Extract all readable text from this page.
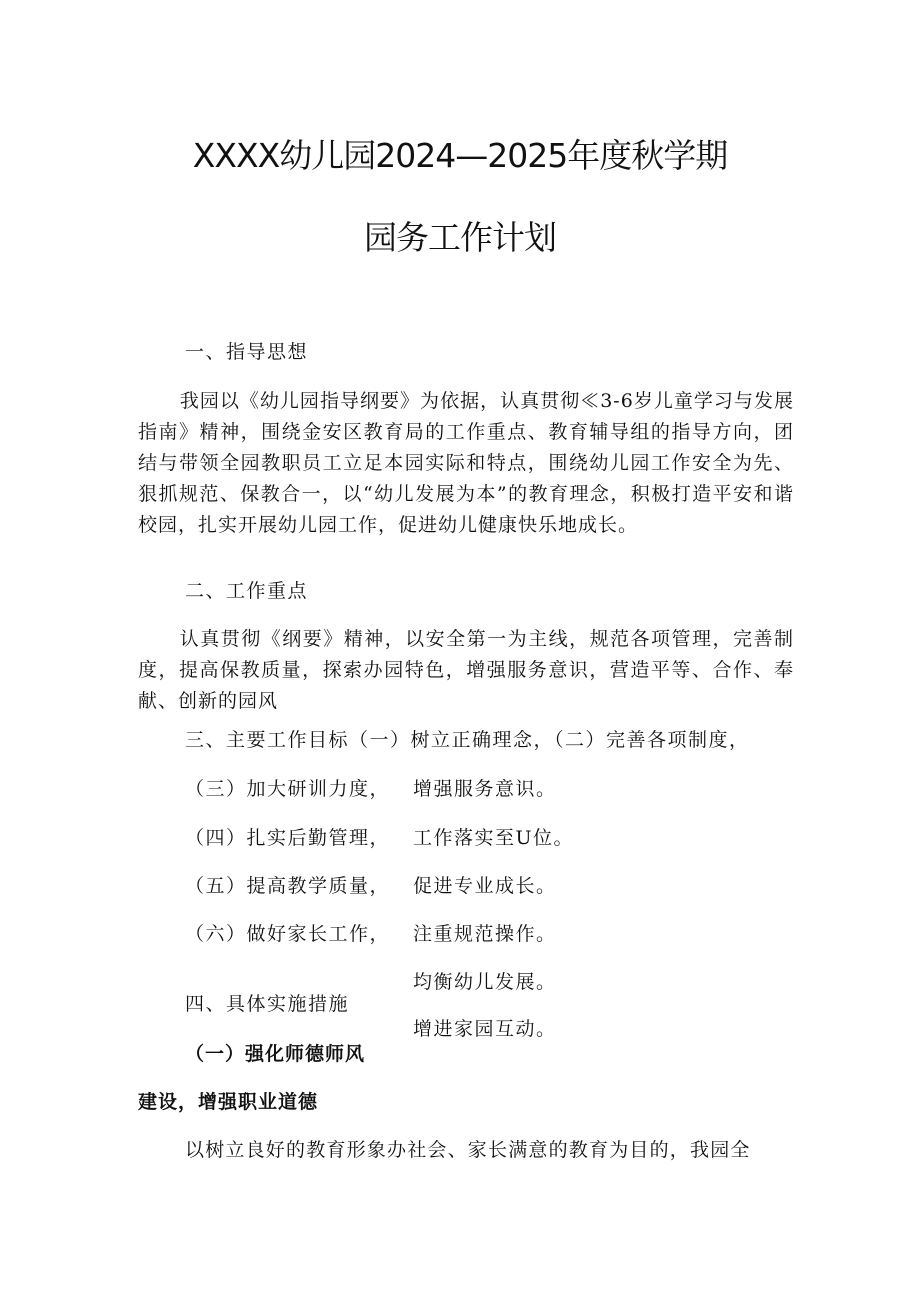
XXXX幼儿园2024—2025年度秋学期
园务工作计划
一、指导思想
我园以《幼儿园指导纲要》为依据，认真贯彻≪3-6岁儿童学习与发展指南》精神，围绕金安区教育局的工作重点、教育辅导组的指导方向，团结与带领全园教职员工立足本园实际和特点，围绕幼儿园工作安全为先、狠抓规范、保教合一，以“幼儿发展为本”的教育理念，积极打造平安和谐校园，扎实开展幼儿园工作，促进幼儿健康快乐地成长。
二、工作重点
认真贯彻《纲要》精神，以安全第一为主线，规范各项管理，完善制度，提高保教质量，探索办园特色，增强服务意识，营造平等、合作、奉献、创新的园风
三、主要工作目标（一）树立正确理念，（二）完善各项制度，
（三）加大研训力度，
（四）扎实后勤管理，
（五）提高教学质量，
（六）做好家长工作，
增强服务意识。
工作落实至U位。
促进专业成长。
注重规范操作。
均衡幼儿发展。
增进家园互动。
四、具体实施措施
（一）强化师德师风
建设，增强职业道德
以树立良好的教育形象办社会、家长满意的教育为目的，我园全
